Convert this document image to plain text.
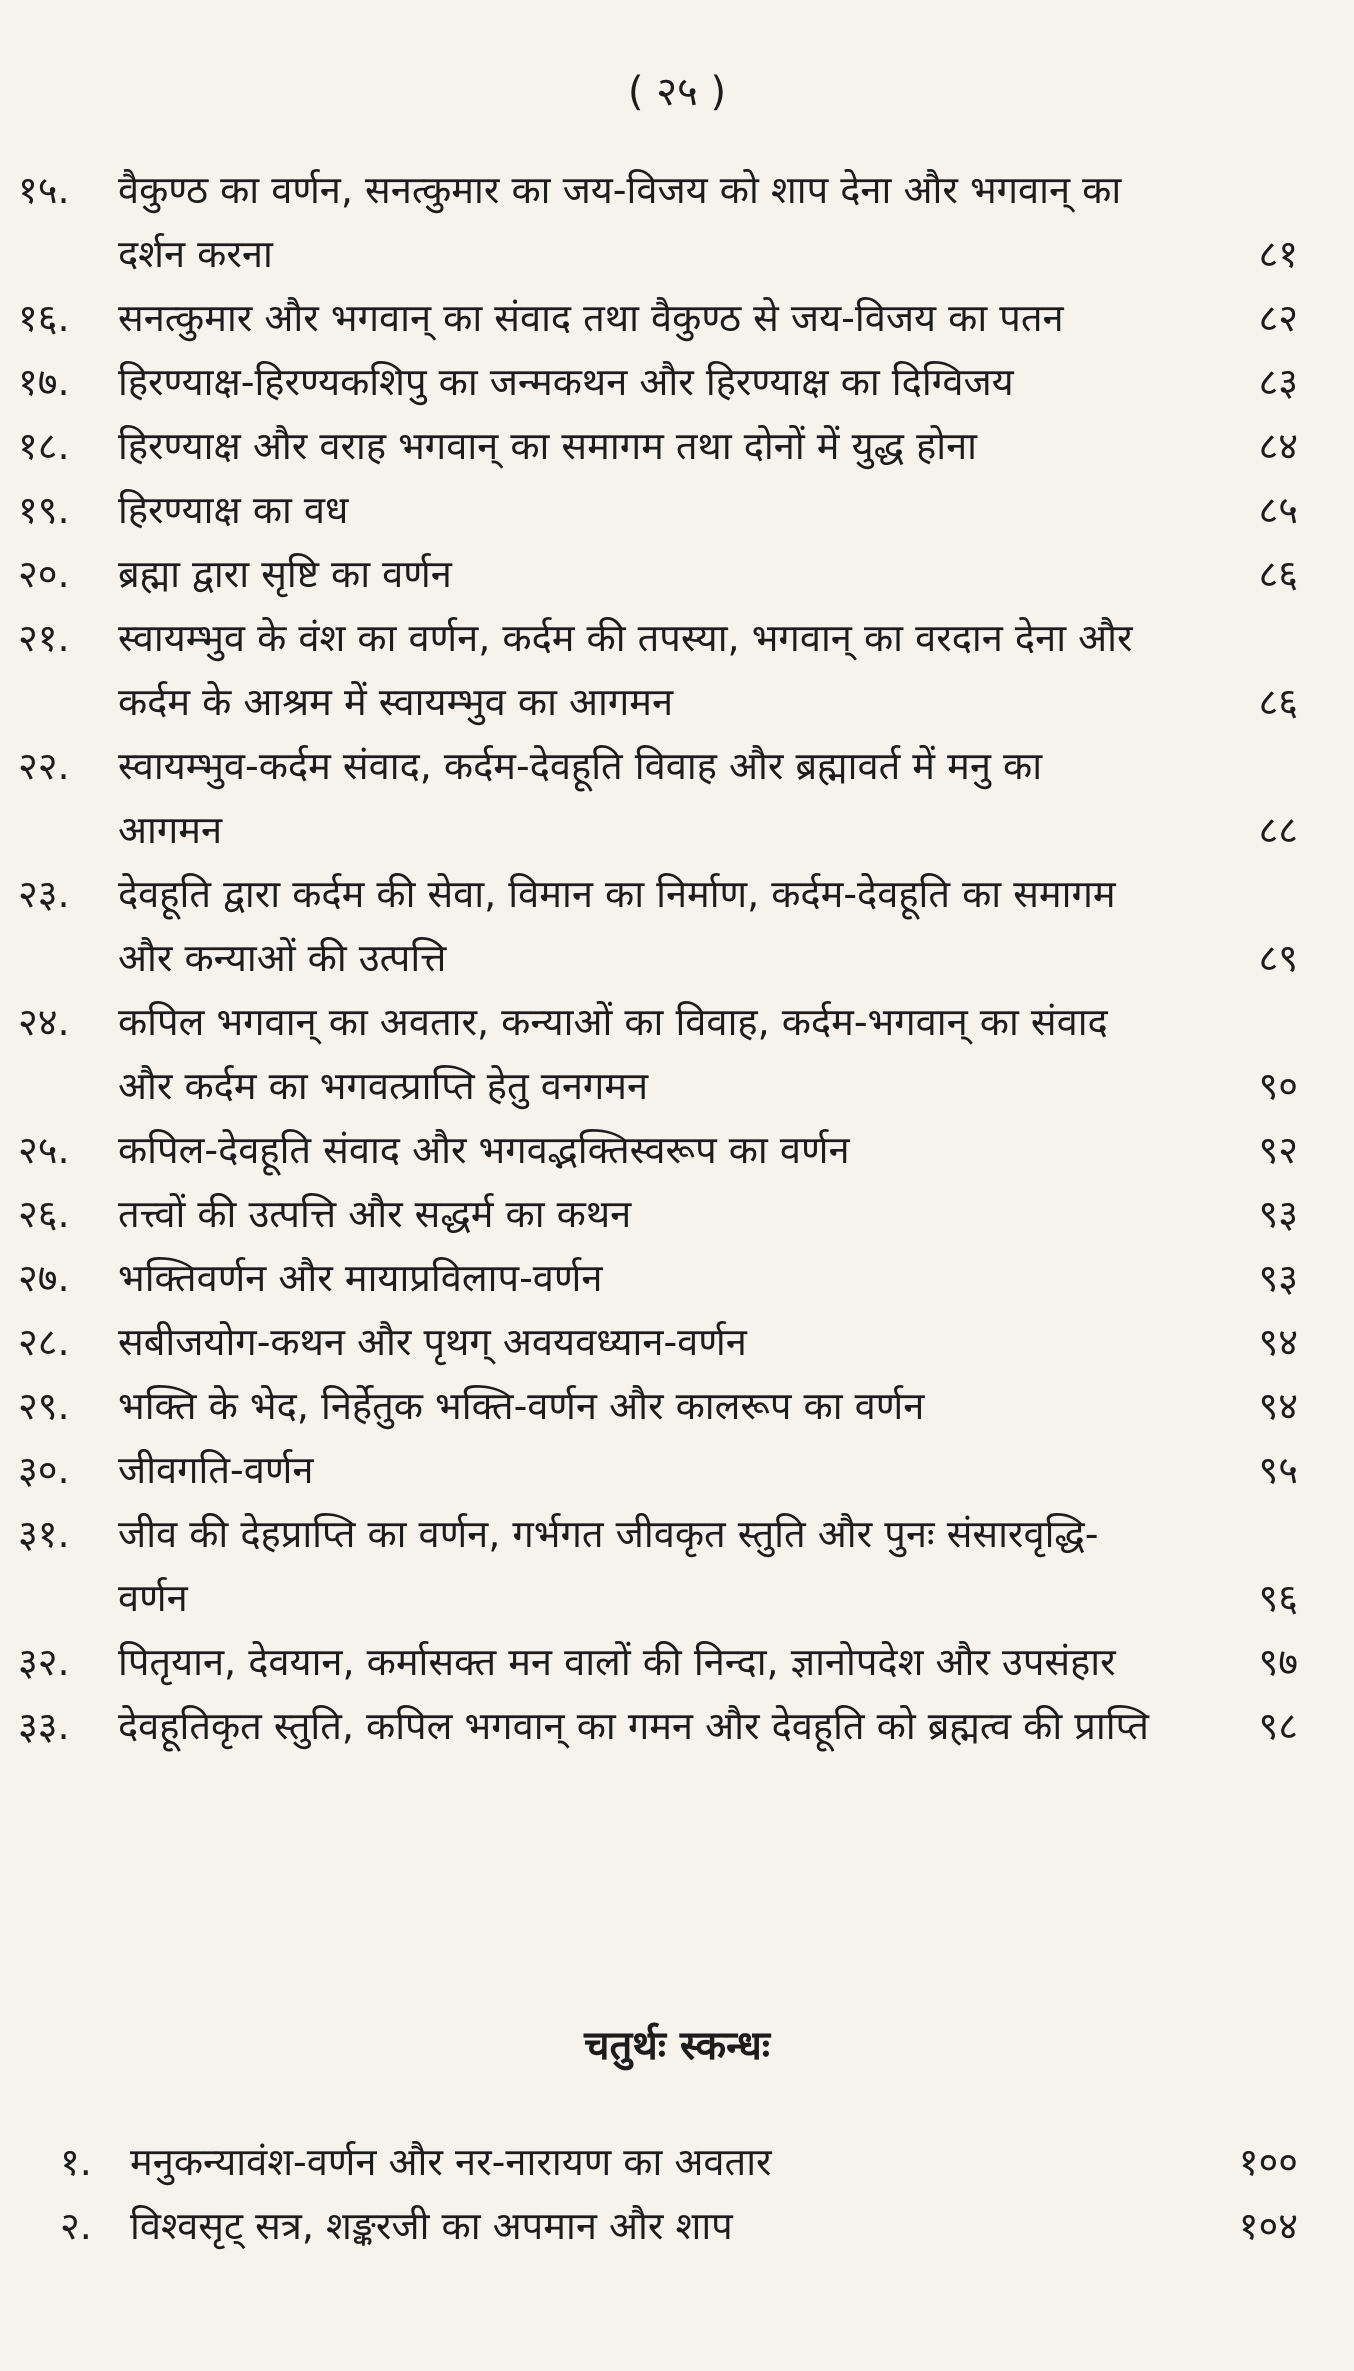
( २५ )
१५.	वैकुण्ठ का वर्णन, सनत्कुमार का जय-विजय को शाप देना और भगवान् का दर्शन करना	८१
१६.	सनत्कुमार और भगवान् का संवाद तथा वैकुण्ठ से जय-विजय का पतन	८२
१७.	हिरण्याक्ष-हिरण्यकशिपु का जन्मकथन और हिरण्याक्ष का दिग्विजय	८३
१८.	हिरण्याक्ष और वराह भगवान् का समागम तथा दोनों में युद्ध होना	८४
१९.	हिरण्याक्ष का वध	८५
२०.	ब्रह्मा द्वारा सृष्टि का वर्णन	८६
२१.	स्वायम्भुव के वंश का वर्णन, कर्दम की तपस्या, भगवान् का वरदान देना और कर्दम के आश्रम में स्वायम्भुव का आगमन	८६
२२.	स्वायम्भुव-कर्दम संवाद, कर्दम-देवहूति विवाह और ब्रह्मावर्त में मनु का आगमन	८८
२३.	देवहूति द्वारा कर्दम की सेवा, विमान का निर्माण, कर्दम-देवहूति का समागम और कन्याओं की उत्पत्ति	८९
२४.	कपिल भगवान् का अवतार, कन्याओं का विवाह, कर्दम-भगवान् का संवाद और कर्दम का भगवत्प्राप्ति हेतु वनगमन	९०
२५.	कपिल-देवहूति संवाद और भगवद्भक्तिस्वरूप का वर्णन	९२
२६.	तत्त्वों की उत्पत्ति और सद्धर्म का कथन	९३
२७.	भक्तिवर्णन और मायाप्रविलाप-वर्णन	९३
२८.	सबीजयोग-कथन और पृथग् अवयवध्यान-वर्णन	९४
२९.	भक्ति के भेद, निर्हेतुक भक्ति-वर्णन और कालरूप का वर्णन	९४
३०.	जीवगति-वर्णन	९५
३१.	जीव की देहप्राप्ति का वर्णन, गर्भगत जीवकृत स्तुति और पुनः संसारवृद्धि-वर्णन	९६
३२.	पितृयान, देवयान, कर्मासक्त मन वालों की निन्दा, ज्ञानोपदेश और उपसंहार	९७
३३.	देवहूतिकृत स्तुति, कपिल भगवान् का गमन और देवहूति को ब्रह्मत्व की प्राप्ति	९८
चतुर्थः स्कन्धः
१.	मनुकन्यावंश-वर्णन और नर-नारायण का अवतार	१००
२.	विश्वसृट् सत्र, शङ्करजी का अपमान और शाप	१०४
